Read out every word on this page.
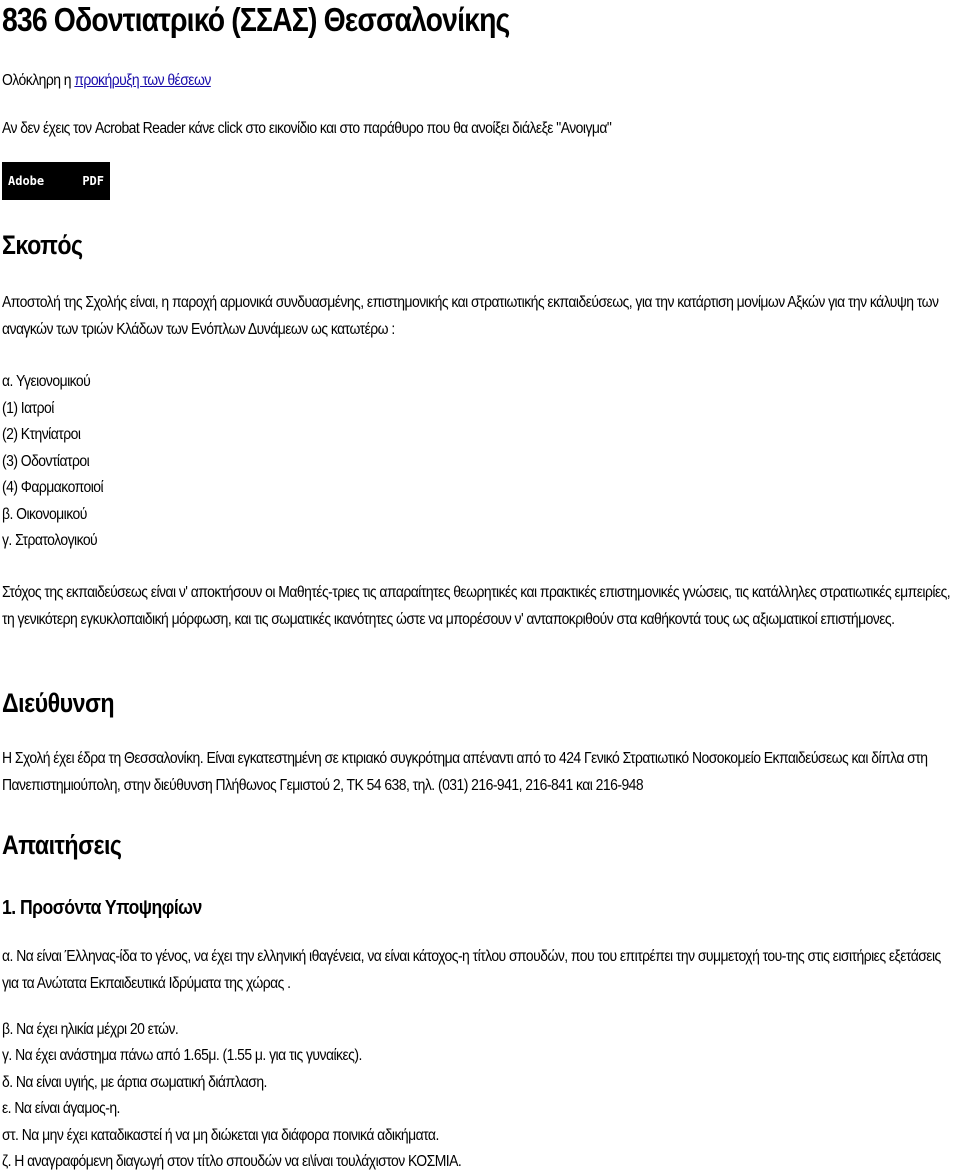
836 Οδοντιατρικό (ΣΣΑΣ) Θεσσαλονίκης

Ολόκληρη η προκήρυξη των θέσεων

Αν δεν έχεις τον Acrobat Reader κάνε click στο εικονίδιο και στο παράθυρο που θα ανοίξει διάλεξε "Ανοιγμα"

Adobe	PDF
Σκοπός

Αποστολή της Σχολής είναι, η παροχή αρμονικά συνδυασμένης, επιστημονικής και στρατιωτικής εκπαιδεύσεως, για την κατάρτιση μονίμων Αξκών για την κάλυψη των αναγκών των τριών Κλάδων των Ενόπλων Δυνάμεων ως κατωτέρω :

α. Υγειονομικού

(1) Ιατροί

(2) Κτηνίατροι

(3) Οδοντίατροι

(4) Φαρμακοποιοί

β. Οικονομικού

γ. Στρατολογικού

Στόχος της εκπαιδεύσεως είναι ν' αποκτήσουν οι Μαθητές-τριες τις απαραίτητες θεωρητικές και πρακτικές επιστημονικές γνώσεις, τις κατάλληλες στρατιωτικές εμπειρίες, τη γενικότερη εγκυκλοπαιδική μόρφωση, και τις σωματικές ικανότητες ώστε να μπορέσουν ν' ανταποκριθούν στα καθήκοντά τους ως αξιωματικοί επιστήμονες.

Διεύθυνση

Η Σχολή έχει έδρα τη Θεσσαλονίκη. Είναι εγκατεστημένη σε κτιριακό συγκρότημα απέναντι από το 424 Γενικό Στρατιωτικό Νοσοκομείο Εκπαιδεύσεως και δίπλα στη Πανεπιστημιούπολη, στην διεύθυνση Πλήθωνος Γεμιστού 2, ΤΚ 54 638, τηλ. (031) 216-941, 216-841 και 216-948

Απαιτήσεις
1. Προσόντα Υποψηφίων

α. Να είναι Έλληνας-ίδα το γένος, να έχει την ελληνική ιθαγένεια, να είναι κάτοχος-η τίτλου σπουδών, που του επιτρέπει την συμμετοχή του-της στις εισιτήριες εξετάσεις για τα Ανώτατα Εκπαιδευτικά Ιδρύματα της χώρας .

β. Να έχει ηλικία μέχρι 20 ετών.

γ. Να έχει ανάστημα πάνω από 1.65μ. (1.55 μ. για τις γυναίκες).

δ. Να είναι υγιής, με άρτια σωματική διάπλαση.

ε. Να είναι άγαμος-η.

στ. Να μην έχει καταδικαστεί ή να μη διώκεται για διάφορα ποινικά αδικήματα.

ζ. Η αναγραφόμενη διαγωγή στον τίτλο σπουδών να ει\ίναι τουλάχιστον ΚΟΣΜΙΑ.
